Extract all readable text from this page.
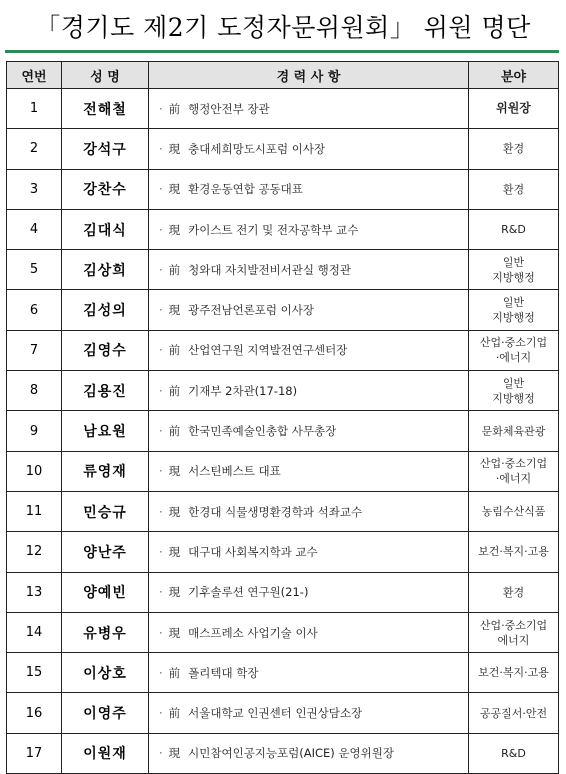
「경기도 제2기 도정자문위원회」 위원 명단
연번	성 명	경 력 사 항	분야
1	전해철	· 前 행정안전부 장관	위원장

2	강석구	· 現 충대세희망도시포럼 이사장	환경

3	강찬수	· 現 환경운동연합 공동대표	환경

4	김대식	· 現 카이스트 전기 및 전자공학부 교수	R&D

5	김상희	· 前 청와대 자치발전비서관실 행정관	일반
지방행정

6	김성의	· 現 광주전남언론포럼 이사장	일반
지방행정

7	김영수	· 前 산업연구원 지역발전연구센터장	산업·중소기업
·에너지

8	김용진	· 前 기재부 2차관(17-18)	일반
지방행정

9	남요원	· 前 한국민족예술인총합 사무총장	문화체육관광

10	류영재	· 現 서스틴베스트 대표	산업·중소기업
·에너지

11	민승규	· 現 한경대 식물생명환경학과 석좌교수	농림수산식품

12	양난주	· 現 대구대 사회복지학과 교수	보건·복지·고용

13	양예빈	· 現 기후솔루션 연구원(21-)	환경

14	유병우	· 現 매스프레소 사업기술 이사	산업·중소기업
에너지

15	이상호	· 前 폴리텍대 학장	보건·복지·고용

16	이영주	· 前 서울대학교 인권센터 인권상담소장	공공질서·안전

17	이원재	· 現 시민참여인공지능포럼(AICE) 운영위원장	R&D
